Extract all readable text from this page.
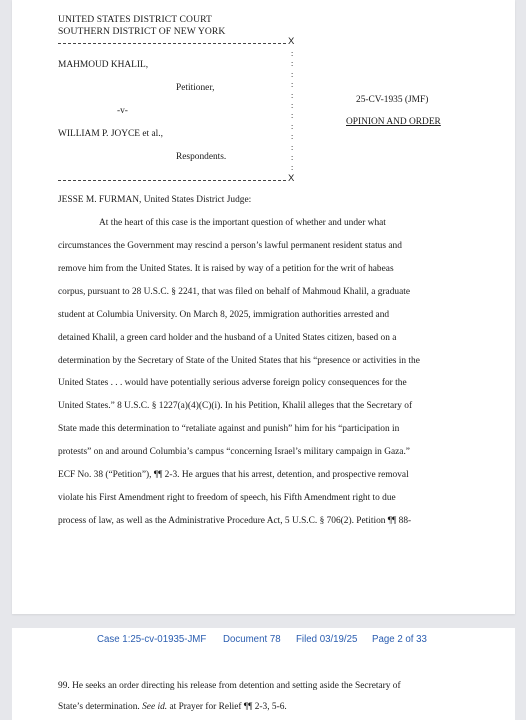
UNITED STATES DISTRICT COURT
SOUTHERN DISTRICT OF NEW YORK
X
:
:
:
:
:
:
:
:
:
:
:
:
MAHMOUD KHALIL,
Petitioner,
-v-
WILLIAM P. JOYCE et al.,
Respondents.
25-CV-1935 (JMF)
OPINION AND ORDER
X
JESSE M. FURMAN, United States District Judge:
At the heart of this case is the important question of whether and under what
circumstances the Government may rescind a person’s lawful permanent resident status and
remove him from the United States. It is raised by way of a petition for the writ of habeas
corpus, pursuant to 28 U.S.C. § 2241, that was filed on behalf of Mahmoud Khalil, a graduate
student at Columbia University. On March 8, 2025, immigration authorities arrested and
detained Khalil, a green card holder and the husband of a United States citizen, based on a
determination by the Secretary of State of the United States that his “presence or activities in the
United States . . . would have potentially serious adverse foreign policy consequences for the
United States.” 8 U.S.C. § 1227(a)(4)(C)(i). In his Petition, Khalil alleges that the Secretary of
State made this determination to “retaliate against and punish” him for his “participation in
protests” on and around Columbia’s campus “concerning Israel’s military campaign in Gaza.”
ECF No. 38 (“Petition”), ¶¶ 2-3. He argues that his arrest, detention, and prospective removal
violate his First Amendment right to freedom of speech, his Fifth Amendment right to due
process of law, as well as the Administrative Procedure Act, 5 U.S.C. § 706(2). Petition ¶¶ 88-
Case 1:25-cv-01935-JMF Document 78 Filed 03/19/25 Page 2 of 33
99. He seeks an order directing his release from detention and setting aside the Secretary of
State’s determination. See id. at Prayer for Relief ¶¶ 2-3, 5-6.
